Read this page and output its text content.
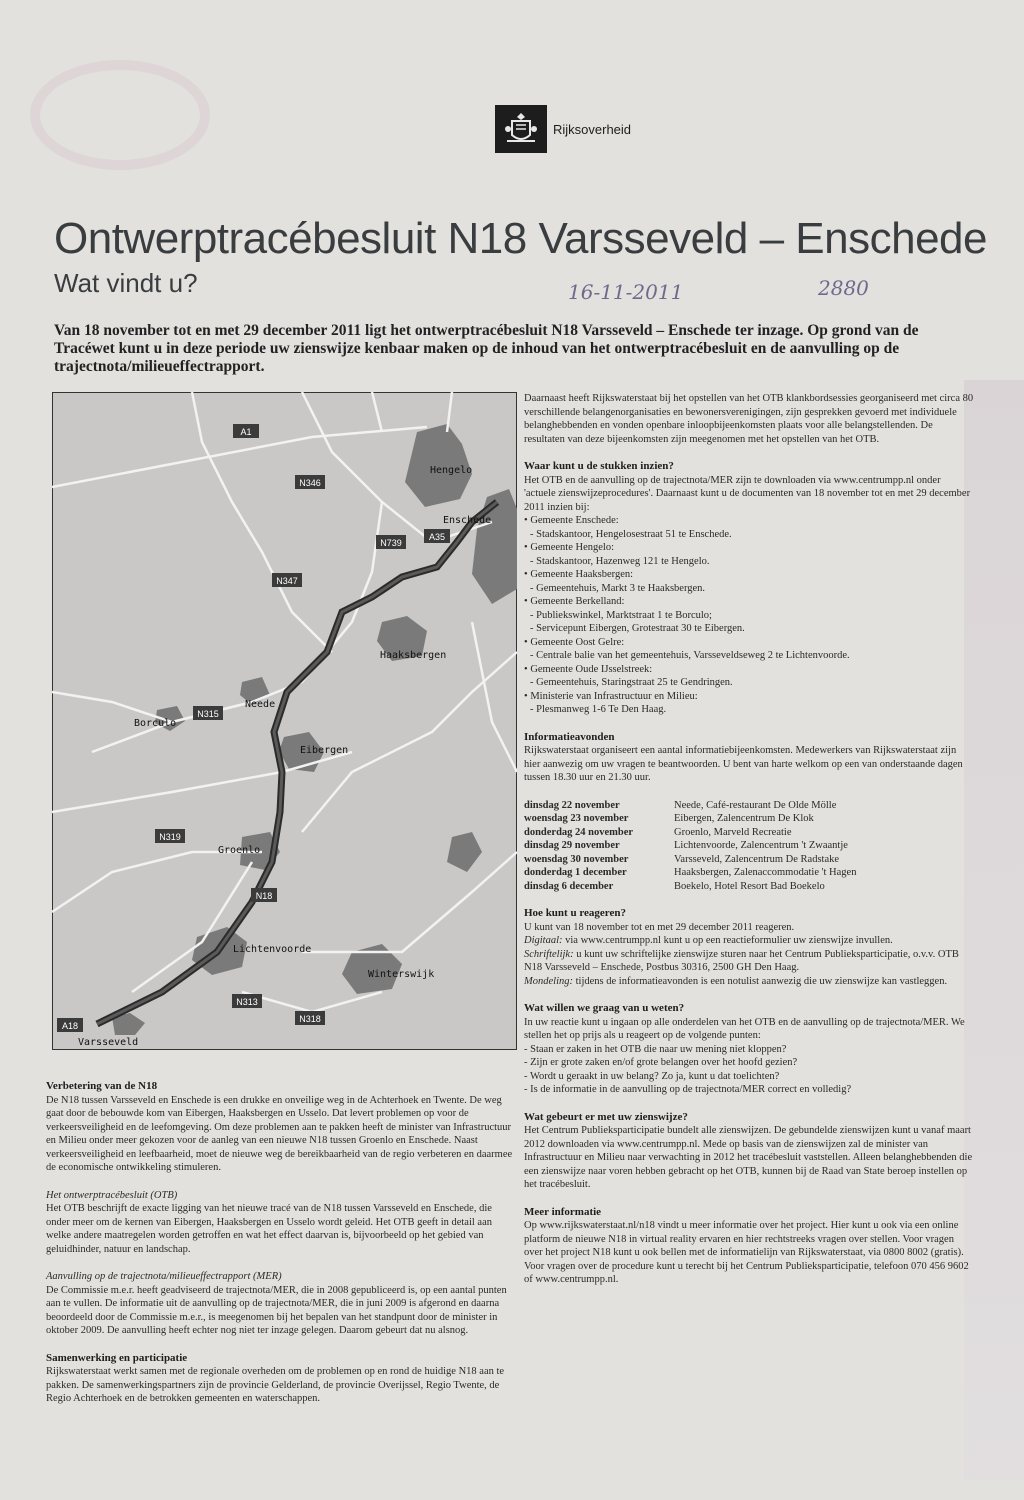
Rijksoverheid
Ontwerptracébesluit N18 Varsseveld – Enschede
Wat vindt u?	16-11-2011	2880
Van 18 november tot en met 29 december 2011 ligt het ontwerptracébesluit N18 Varsseveld – Enschede ter inzage. Op grond van de Tracéwet kunt u in deze periode uw zienswijze kenbaar maken op de inhoud van het ontwerptracébesluit en de aanvulling op de trajectnota/milieueffectrapport.
A1
N346
N739
A35
N347
N315
N319
N18
N313
N318
A18
Hengelo
Enschede
Haaksbergen
Neede
Borculo
Eibergen
Groenlo
Lichtenvoorde
Winterswijk
Varsseveld
Verbetering van de N18

De N18 tussen Varsseveld en Enschede is een drukke en onveilige weg in de Achterhoek en Twente. De weg gaat door de bebouwde kom van Eibergen, Haaksbergen en Usselo. Dat levert problemen op voor de verkeersveiligheid en de leefomgeving. Om deze problemen aan te pakken heeft de minister van Infrastructuur en Milieu onder meer gekozen voor de aanleg van een nieuwe N18 tussen Groenlo en Enschede. Naast verkeersveiligheid en leefbaarheid, moet de nieuwe weg de bereikbaarheid van de regio verbeteren en daarmee de economische ontwikkeling stimuleren.

Het ontwerptracébesluit (OTB)

Het OTB beschrijft de exacte ligging van het nieuwe tracé van de N18 tussen Varsseveld en Enschede, die onder meer om de kernen van Eibergen, Haaksbergen en Usselo wordt geleid. Het OTB geeft in detail aan welke andere maatregelen worden getroffen en wat het effect daarvan is, bijvoorbeeld op het gebied van geluidhinder, natuur en landschap.

Aanvulling op de trajectnota/milieueffectrapport (MER)

De Commissie m.e.r. heeft geadviseerd de trajectnota/MER, die in 2008 gepubliceerd is, op een aantal punten aan te vullen. De informatie uit de aanvulling op de trajectnota/MER, die in juni 2009 is afgerond en daarna beoordeeld door de Commissie m.e.r., is meegenomen bij het bepalen van het standpunt door de minister in oktober 2009. De aanvulling heeft echter nog niet ter inzage gelegen. Daarom gebeurt dat nu alsnog.

Samenwerking en participatie

Rijkswaterstaat werkt samen met de regionale overheden om de problemen op en rond de huidige N18 aan te pakken. De samenwerkingspartners zijn de provincie Gelderland, de provincie Overijssel, Regio Twente, de Regio Achterhoek en de betrokken gemeenten en waterschappen.

Daarnaast heeft Rijkswaterstaat bij het opstellen van het OTB klankbordsessies georganiseerd met circa 80 verschillende belangenorganisaties en bewonersverenigingen, zijn gesprekken gevoerd met individuele belanghebbenden en vonden openbare inloopbijeenkomsten plaats voor alle belangstellenden. De resultaten van deze bijeenkomsten zijn meegenomen met het opstellen van het OTB.

Waar kunt u de stukken inzien?

Het OTB en de aanvulling op de trajectnota/MER zijn te downloaden via www.centrumpp.nl onder 'actuele zienswijzeprocedures'. Daarnaast kunt u de documenten van 18 november tot en met 29 december 2011 inzien bij:

• Gemeente Enschede:
- Stadskantoor, Hengelosestraat 51 te Enschede.
• Gemeente Hengelo:
- Stadskantoor, Hazenweg 121 te Hengelo.
• Gemeente Haaksbergen:
- Gemeentehuis, Markt 3 te Haaksbergen.
• Gemeente Berkelland:
- Publiekswinkel, Marktstraat 1 te Borculo;
- Servicepunt Eibergen, Grotestraat 30 te Eibergen.
• Gemeente Oost Gelre:
- Centrale balie van het gemeentehuis, Varsseveldseweg 2 te Lichtenvoorde.
• Gemeente Oude IJsselstreek:
- Gemeentehuis, Staringstraat 25 te Gendringen.
• Ministerie van Infrastructuur en Milieu:
- Plesmanweg 1-6 Te Den Haag.
Informatieavonden

Rijkswaterstaat organiseert een aantal informatiebijeenkomsten. Medewerkers van Rijkswaterstaat zijn hier aanwezig om uw vragen te beantwoorden. U bent van harte welkom op een van onderstaande dagen tussen 18.30 uur en 21.30 uur.

dinsdag 22 november	Neede, Café-restaurant De Olde Mölle
woensdag 23 november	Eibergen, Zalencentrum De Klok
donderdag 24 november	Groenlo, Marveld Recreatie
dinsdag 29 november	Lichtenvoorde, Zalencentrum 't Zwaantje
woensdag 30 november	Varsseveld, Zalencentrum De Radstake
donderdag 1 december	Haaksbergen, Zalenaccommodatie 't Hagen
dinsdag 6 december	Boekelo, Hotel Resort Bad Boekelo
Hoe kunt u reageren?

U kunt van 18 november tot en met 29 december 2011 reageren.

Digitaal: via www.centrumpp.nl kunt u op een reactieformulier uw zienswijze invullen.

Schriftelijk: u kunt uw schriftelijke zienswijze sturen naar het Centrum Publieksparticipatie, o.v.v. OTB N18 Varsseveld – Enschede, Postbus 30316, 2500 GH Den Haag.

Mondeling: tijdens de informatieavonden is een notulist aanwezig die uw zienswijze kan vastleggen.

Wat willen we graag van u weten?

In uw reactie kunt u ingaan op alle onderdelen van het OTB en de aanvulling op de trajectnota/MER. We stellen het op prijs als u reageert op de volgende punten:

- Staan er zaken in het OTB die naar uw mening niet kloppen?
- Zijn er grote zaken en/of grote belangen over het hoofd gezien?
- Wordt u geraakt in uw belang? Zo ja, kunt u dat toelichten?
- Is de informatie in de aanvulling op de trajectnota/MER correct en volledig?
Wat gebeurt er met uw zienswijze?

Het Centrum Publieksparticipatie bundelt alle zienswijzen. De gebundelde zienswijzen kunt u vanaf maart 2012 downloaden via www.centrumpp.nl. Mede op basis van de zienswijzen zal de minister van Infrastructuur en Milieu naar verwachting in 2012 het tracébesluit vaststellen. Alleen belanghebbenden die een zienswijze naar voren hebben gebracht op het OTB, kunnen bij de Raad van State beroep instellen op het tracébesluit.

Meer informatie

Op www.rijkswaterstaat.nl/n18 vindt u meer informatie over het project. Hier kunt u ook via een online platform de nieuwe N18 in virtual reality ervaren en hier rechtstreeks vragen over stellen. Voor vragen over het project N18 kunt u ook bellen met de informatielijn van Rijkswaterstaat, via 0800 8002 (gratis).

Voor vragen over de procedure kunt u terecht bij het Centrum Publieksparticipatie, telefoon 070 456 9602 of www.centrumpp.nl.
